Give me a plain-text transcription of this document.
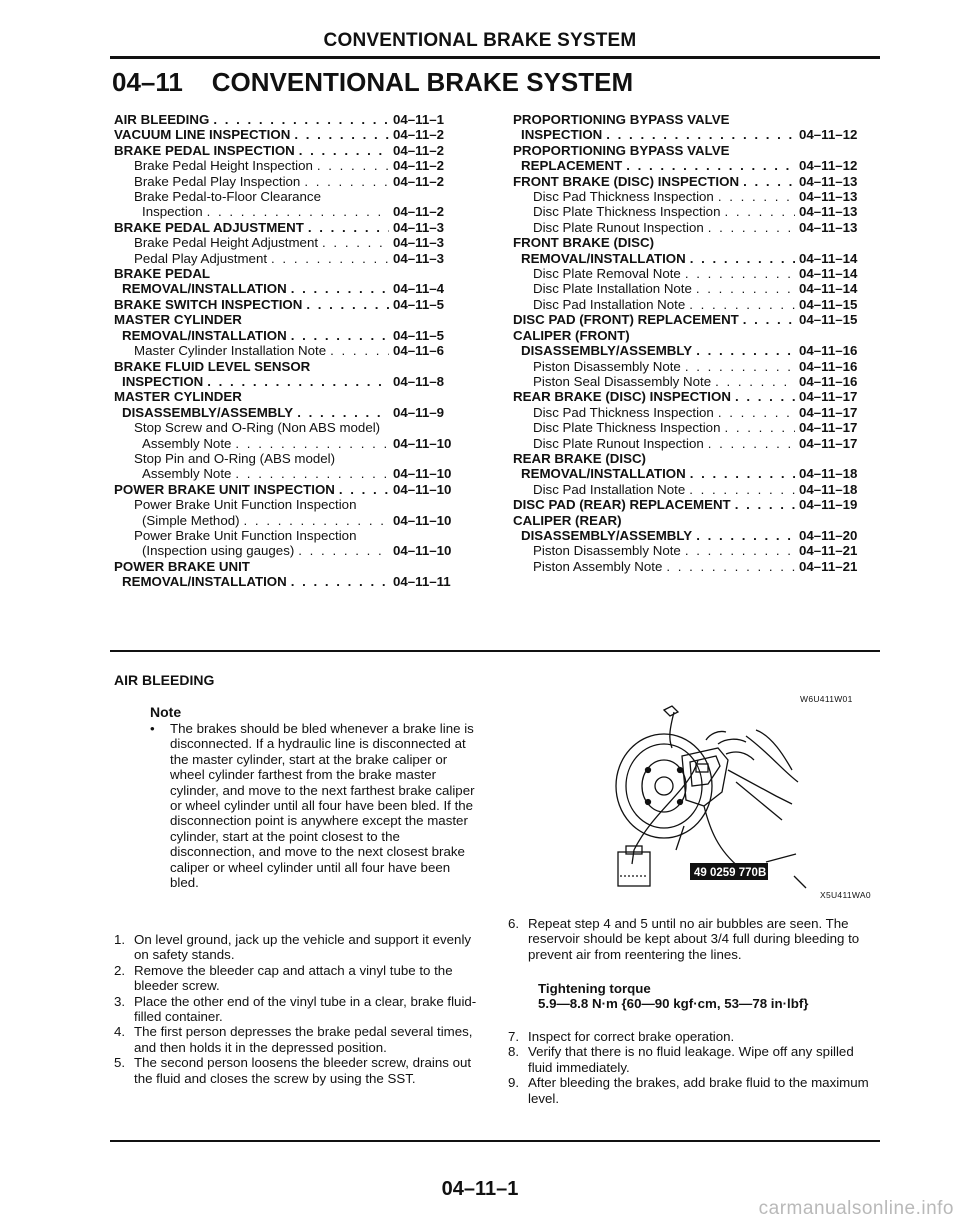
CONVENTIONAL BRAKE SYSTEM
04–11 CONVENTIONAL BRAKE SYSTEM
AIR BLEEDING . . .	04–11–1
VACUUM LINE INSPECTION . . .	04–11–2
BRAKE PEDAL INSPECTION . . .	04–11–2
Brake Pedal Height Inspection . . .	04–11–2
Brake Pedal Play Inspection . . .	04–11–2
Brake Pedal-to-Floor Clearance
Inspection . . .	04–11–2
BRAKE PEDAL ADJUSTMENT . . .	04–11–3
Brake Pedal Height Adjustment . . .	04–11–3
Pedal Play Adjustment . . .	04–11–3
BRAKE PEDAL
REMOVAL/INSTALLATION . . .	04–11–4
BRAKE SWITCH INSPECTION . . .	04–11–5
MASTER CYLINDER
REMOVAL/INSTALLATION . . .	04–11–5
Master Cylinder Installation Note . . .	04–11–6
BRAKE FLUID LEVEL SENSOR
INSPECTION . . .	04–11–8
MASTER CYLINDER
DISASSEMBLY/ASSEMBLY . . .	04–11–9
Stop Screw and O-Ring (Non ABS model)
Assembly Note . . .	04–11–10
Stop Pin and O-Ring (ABS model)
Assembly Note . . .	04–11–10
POWER BRAKE UNIT INSPECTION . . .	04–11–10
Power Brake Unit Function Inspection
(Simple Method) . . .	04–11–10
Power Brake Unit Function Inspection
(Inspection using gauges) . . .	04–11–10
POWER BRAKE UNIT
REMOVAL/INSTALLATION . . .	04–11–11
PROPORTIONING BYPASS VALVE
INSPECTION . . .	04–11–12
PROPORTIONING BYPASS VALVE
REPLACEMENT . . .	04–11–12
FRONT BRAKE (DISC) INSPECTION . . .	04–11–13
Disc Pad Thickness Inspection . . .	04–11–13
Disc Plate Thickness Inspection . . .	04–11–13
Disc Plate Runout Inspection . . .	04–11–13
FRONT BRAKE (DISC)
REMOVAL/INSTALLATION . . .	04–11–14
Disc Plate Removal Note . . .	04–11–14
Disc Plate Installation Note . . .	04–11–14
Disc Pad Installation Note . . .	04–11–15
DISC PAD (FRONT) REPLACEMENT . . .	04–11–15
CALIPER (FRONT)
DISASSEMBLY/ASSEMBLY . . .	04–11–16
Piston Disassembly Note . . .	04–11–16
Piston Seal Disassembly Note . . .	04–11–16
REAR BRAKE (DISC) INSPECTION . . .	04–11–17
Disc Pad Thickness Inspection . . .	04–11–17
Disc Plate Thickness Inspection . . .	04–11–17
Disc Plate Runout Inspection . . .	04–11–17
REAR BRAKE (DISC)
REMOVAL/INSTALLATION . . .	04–11–18
Disc Pad Installation Note . . .	04–11–18
DISC PAD (REAR) REPLACEMENT . . .	04–11–19
CALIPER (REAR)
DISASSEMBLY/ASSEMBLY . . .	04–11–20
Piston Disassembly Note . . .	04–11–21
Piston Assembly Note . . .	04–11–21
AIR BLEEDING
W6U411W01
Note
• The brakes should be bled whenever a brake line is disconnected. If a hydraulic line is disconnected at the master cylinder, start at the brake caliper or wheel cylinder farthest from the brake master cylinder, and move to the next farthest brake caliper or wheel cylinder until all four have been bled. If the disconnection point is anywhere except the master cylinder, start at the point closest to the disconnection, and move to the next closest brake caliper or wheel cylinder until all four have been bled.
1. On level ground, jack up the vehicle and support it evenly on safety stands.
2. Remove the bleeder cap and attach a vinyl tube to the bleeder screw.
3. Place the other end of the vinyl tube in a clear, brake fluid-filled container.
4. The first person depresses the brake pedal several times, and then holds it in the depressed position.
5. The second person loosens the bleeder screw, drains out the fluid and closes the screw by using the SST.
49 0259 770B
X5U411WA0
6. Repeat step 4 and 5 until no air bubbles are seen. The reservoir should be kept about 3/4 full during bleeding to prevent air from reentering the lines.
Tightening torque
5.9—8.8 N·m {60—90 kgf·cm, 53—78 in·lbf}
7. Inspect for correct brake operation.
8. Verify that there is no fluid leakage. Wipe off any spilled fluid immediately.
9. After bleeding the brakes, add brake fluid to the maximum level.
04–11–1
carmanualsonline.info
